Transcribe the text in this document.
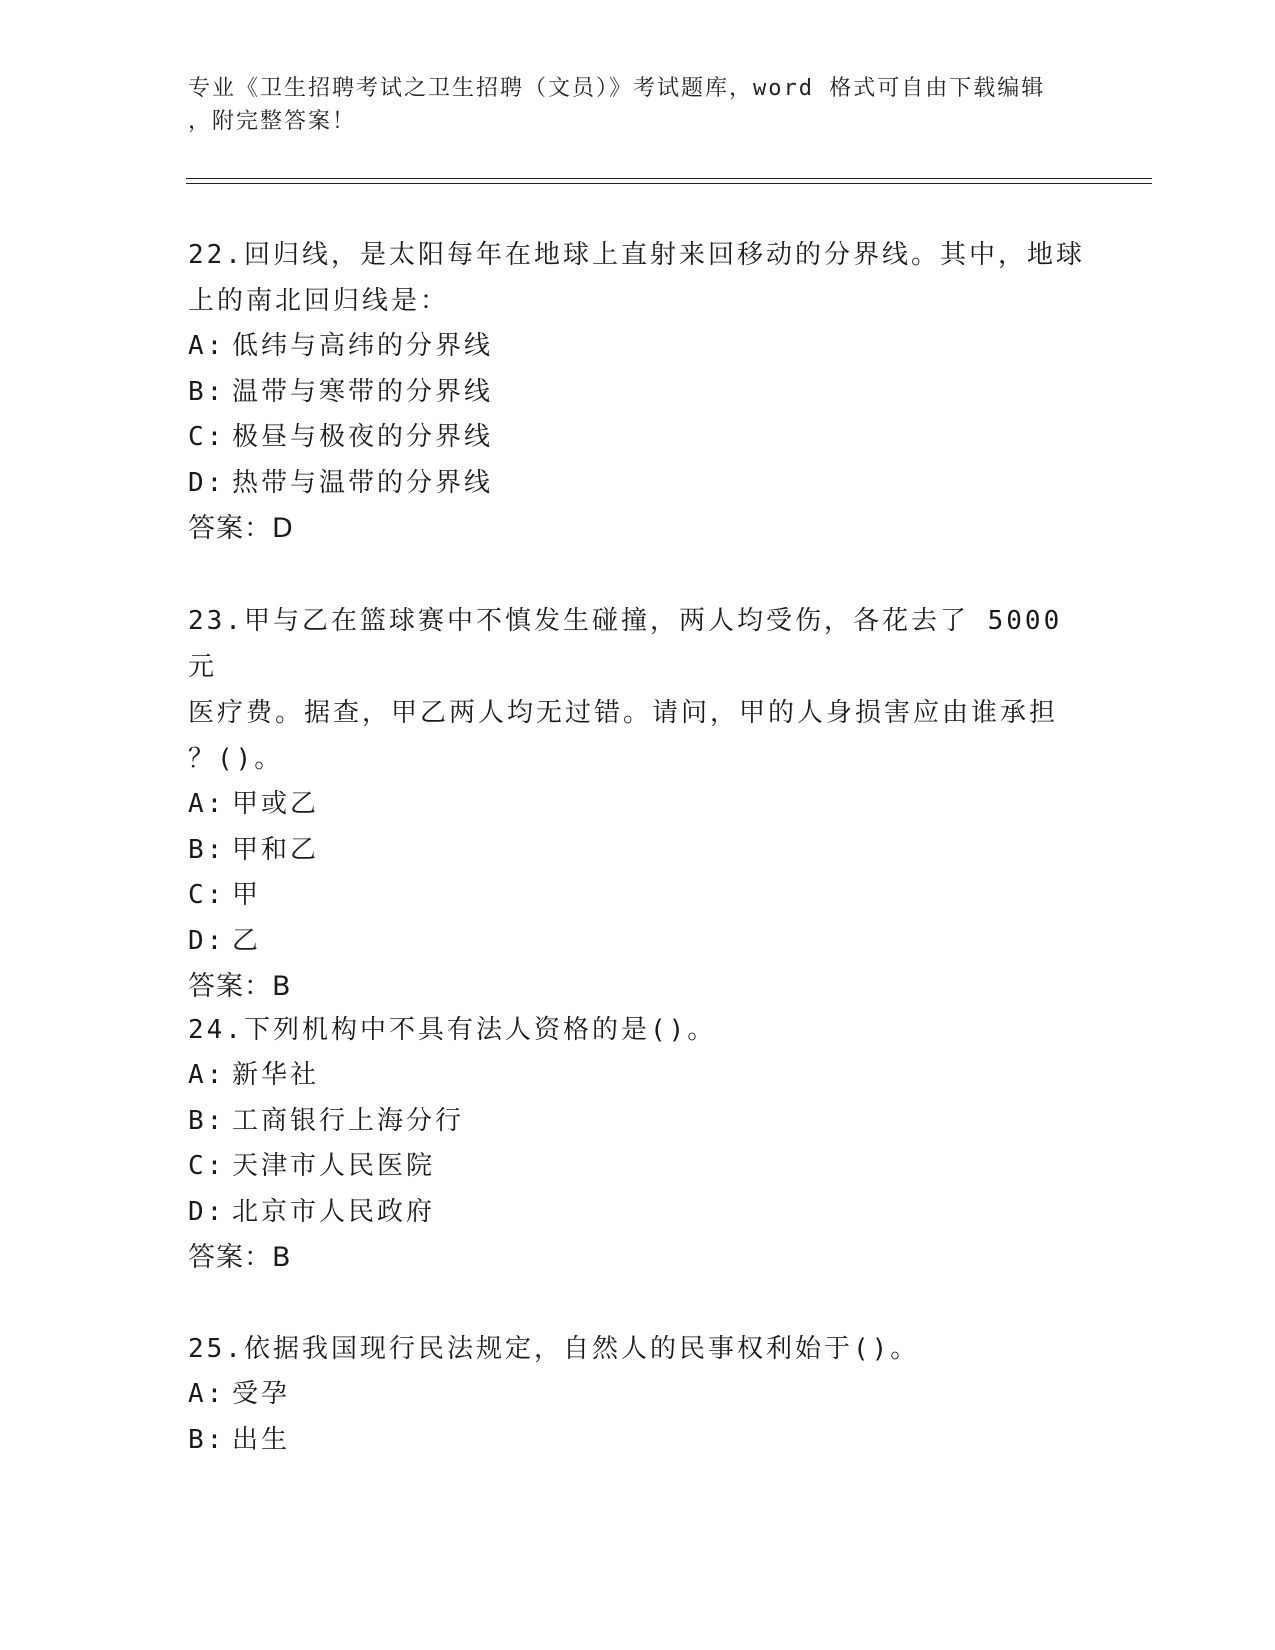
专业《卫生招聘考试之卫生招聘（文员）》考试题库，word 格式可自由下载编辑
，附完整答案！
22.回归线，是太阳每年在地球上直射来回移动的分界线。其中，地球
上的南北回归线是：
A: 低纬与高纬的分界线
B: 温带与寒带的分界线
C: 极昼与极夜的分界线
D: 热带与温带的分界线
答案：D
23.甲与乙在篮球赛中不慎发生碰撞，两人均受伤，各花去了 5000 元
医疗费。据查，甲乙两人均无过错。请问，甲的人身损害应由谁承担
？()。
A: 甲或乙
B: 甲和乙
C: 甲
D: 乙
答案：B
24.下列机构中不具有法人资格的是()。
A: 新华社
B: 工商银行上海分行
C: 天津市人民医院
D: 北京市人民政府
答案：B
25.依据我国现行民法规定，自然人的民事权利始于()。
A: 受孕
B: 出生
